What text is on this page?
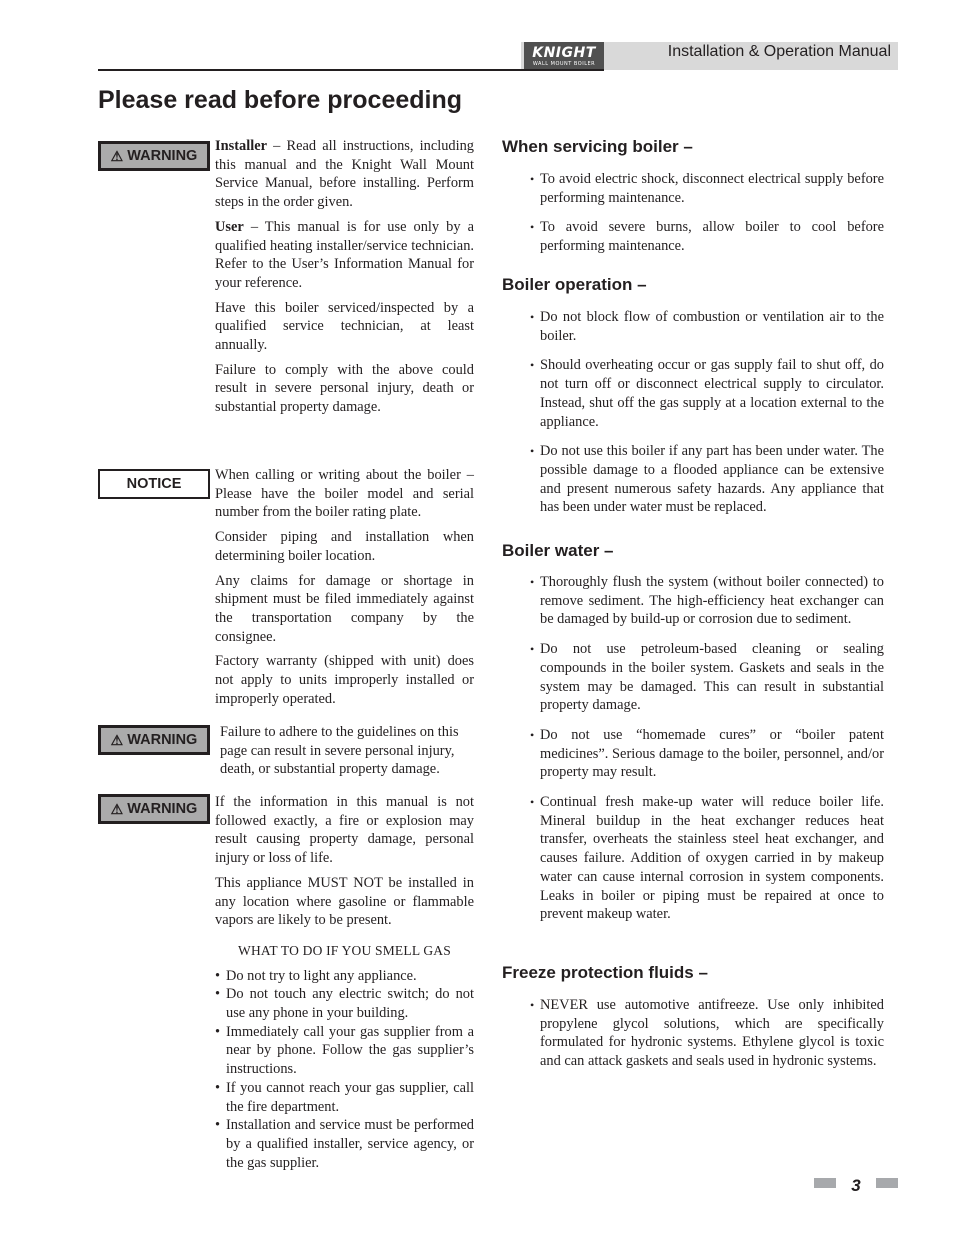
KNIGHT
WALL MOUNT BOILER
Installation & Operation Manual
Please read before proceeding
⚠ WARNING

Installer – Read all instructions, including this manual and the Knight Wall Mount Service Manual, before installing. Perform steps in the order given.

User – This manual is for use only by a qualified heating installer/service technician. Refer to the User’s Information Manual for your reference.

Have this boiler serviced/inspected by a qualified service technician, at least annually.

Failure to comply with the above could result in severe personal injury, death or substantial property damage.

NOTICE

When calling or writing about the boiler – Please have the boiler model and serial number from the boiler rating plate.

Consider piping and installation when determining boiler location.

Any claims for damage or shortage in shipment must be filed immediately against the transportation company by the consignee.

Factory warranty (shipped with unit) does not apply to units improperly installed or improperly operated.

⚠ WARNING Failure to adhere to the guidelines on this page can result in severe personal injury, death, or substantial property damage.

⚠ WARNING If the information in this manual is not followed exactly, a fire or explosion may result causing property damage, personal injury or loss of life.

This appliance MUST NOT be installed in any location where gasoline or flammable vapors are likely to be present.

WHAT TO DO IF YOU SMELL GAS
• Do not try to light any appliance.
• Do not touch any electric switch; do not use any phone in your building.
• Immediately call your gas supplier from a near by phone. Follow the gas supplier’s instructions.
• If you cannot reach your gas supplier, call the fire department.
• Installation and service must be performed by a qualified installer, service agency, or the gas supplier.
When servicing boiler –
• To avoid electric shock, disconnect electrical supply before performing maintenance.
• To avoid severe burns, allow boiler to cool before performing maintenance.
Boiler operation –
• Do not block flow of combustion or ventilation air to the boiler.
• Should overheating occur or gas supply fail to shut off, do not turn off or disconnect electrical supply to circulator. Instead, shut off the gas supply at a location external to the appliance.
• Do not use this boiler if any part has been under water. The possible damage to a flooded appliance can be extensive and present numerous safety hazards. Any appliance that has been under water must be replaced.
Boiler water –
• Thoroughly flush the system (without boiler connected) to remove sediment. The high-efficiency heat exchanger can be damaged by build-up or corrosion due to sediment.
• Do not use petroleum-based cleaning or sealing compounds in the boiler system. Gaskets and seals in the system may be damaged. This can result in substantial property damage.
• Do not use “homemade cures” or “boiler patent medicines”. Serious damage to the boiler, personnel, and/or property may result.
• Continual fresh make-up water will reduce boiler life. Mineral buildup in the heat exchanger reduces heat transfer, overheats the stainless steel heat exchanger, and causes failure. Addition of oxygen carried in by makeup water can cause internal corrosion in system components. Leaks in boiler or piping must be repaired at once to prevent makeup water.
Freeze protection fluids –
• NEVER use automotive antifreeze. Use only inhibited propylene glycol solutions, which are specifically formulated for hydronic systems. Ethylene glycol is toxic and can attack gaskets and seals used in hydronic systems.
3
